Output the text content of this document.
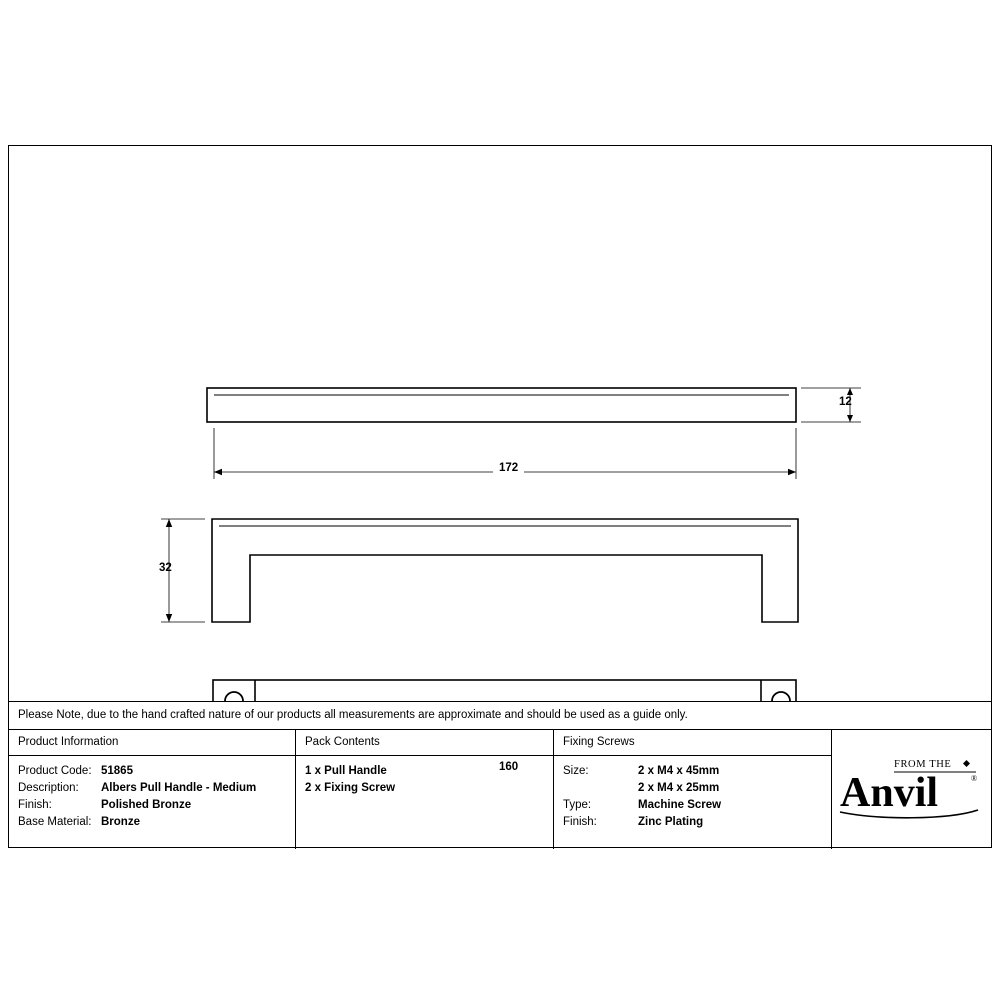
12
172
32
160
Please Note, due to the hand crafted nature of our products all measurements are approximate and should be used as a guide only.
Product Information
Product Code: 51865
Description: Albers Pull Handle - Medium
Finish:	Polished Bronze
Base Material: Bronze
Pack Contents
1 x Pull Handle
2 x Fixing Screw
Fixing Screws
Size:	2 x M4 x 45mm
2 x M4 x 25mm
Type:	Machine Screw
Finish:	Zinc Plating
FROM THE
Anvil	®
